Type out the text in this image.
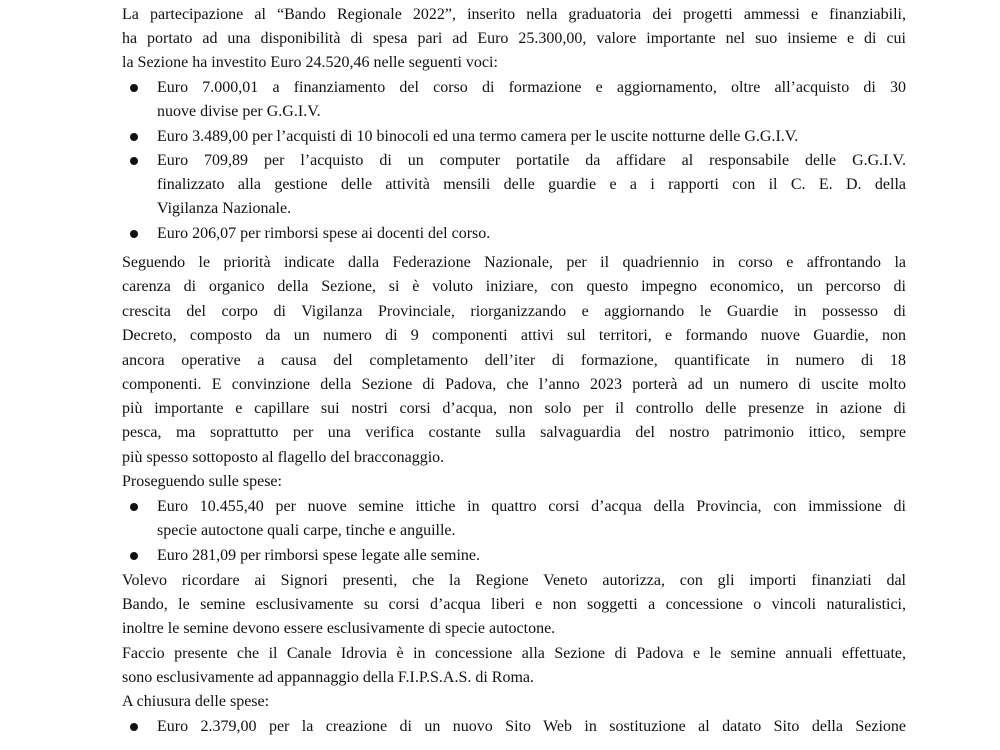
La partecipazione al “Bando Regionale 2022”, inserito nella graduatoria dei progetti ammessi e finanziabili,
ha portato ad una disponibilità di spesa pari ad Euro 25.300,00, valore importante nel suo insieme e di cui
la Sezione ha investito Euro 24.520,46 nelle seguenti voci:
Euro 7.000,01 a finanziamento del corso di formazione e aggiornamento, oltre all’acquisto di 30
nuove divise per G.G.I.V.
Euro 3.489,00 per l’acquisti di 10 binocoli ed una termo camera per le uscite notturne delle G.G.I.V.
Euro 709,89 per l’acquisto di un computer portatile da affidare al responsabile delle G.G.I.V.
finalizzato alla gestione delle attività mensili delle guardie e a i rapporti con il C. E. D. della
Vigilanza Nazionale.
Euro 206,07 per rimborsi spese ai docenti del corso.
Seguendo le priorità indicate dalla Federazione Nazionale, per il quadriennio in corso e affrontando la
carenza di organico della Sezione, si è voluto iniziare, con questo impegno economico, un percorso di
crescita del corpo di Vigilanza Provinciale, riorganizzando e aggiornando le Guardie in possesso di
Decreto, composto da un numero di 9 componenti attivi sul territori, e formando nuove Guardie, non
ancora operative a causa del completamento dell’iter di formazione, quantificate in numero di 18
componenti. E convinzione della Sezione di Padova, che l’anno 2023 porterà ad un numero di uscite molto
più importante e capillare sui nostri corsi d’acqua, non solo per il controllo delle presenze in azione di
pesca, ma soprattutto per una verifica costante sulla salvaguardia del nostro patrimonio ittico, sempre
più spesso sottoposto al flagello del bracconaggio.
Proseguendo sulle spese:
Euro 10.455,40 per nuove semine ittiche in quattro corsi d’acqua della Provincia, con immissione di
specie autoctone quali carpe, tinche e anguille.
Euro 281,09 per rimborsi spese legate alle semine.
Volevo ricordare ai Signori presenti, che la Regione Veneto autorizza, con gli importi finanziati dal
Bando, le semine esclusivamente su corsi d’acqua liberi e non soggetti a concessione o vincoli naturalistici,
inoltre le semine devono essere esclusivamente di specie autoctone.
Faccio presente che il Canale Idrovia è in concessione alla Sezione di Padova e le semine annuali effettuate,
sono esclusivamente ad appannaggio della F.I.P.S.A.S. di Roma.
A chiusura delle spese:
Euro 2.379,00 per la creazione di un nuovo Sito Web in sostituzione al datato Sito della Sezione
